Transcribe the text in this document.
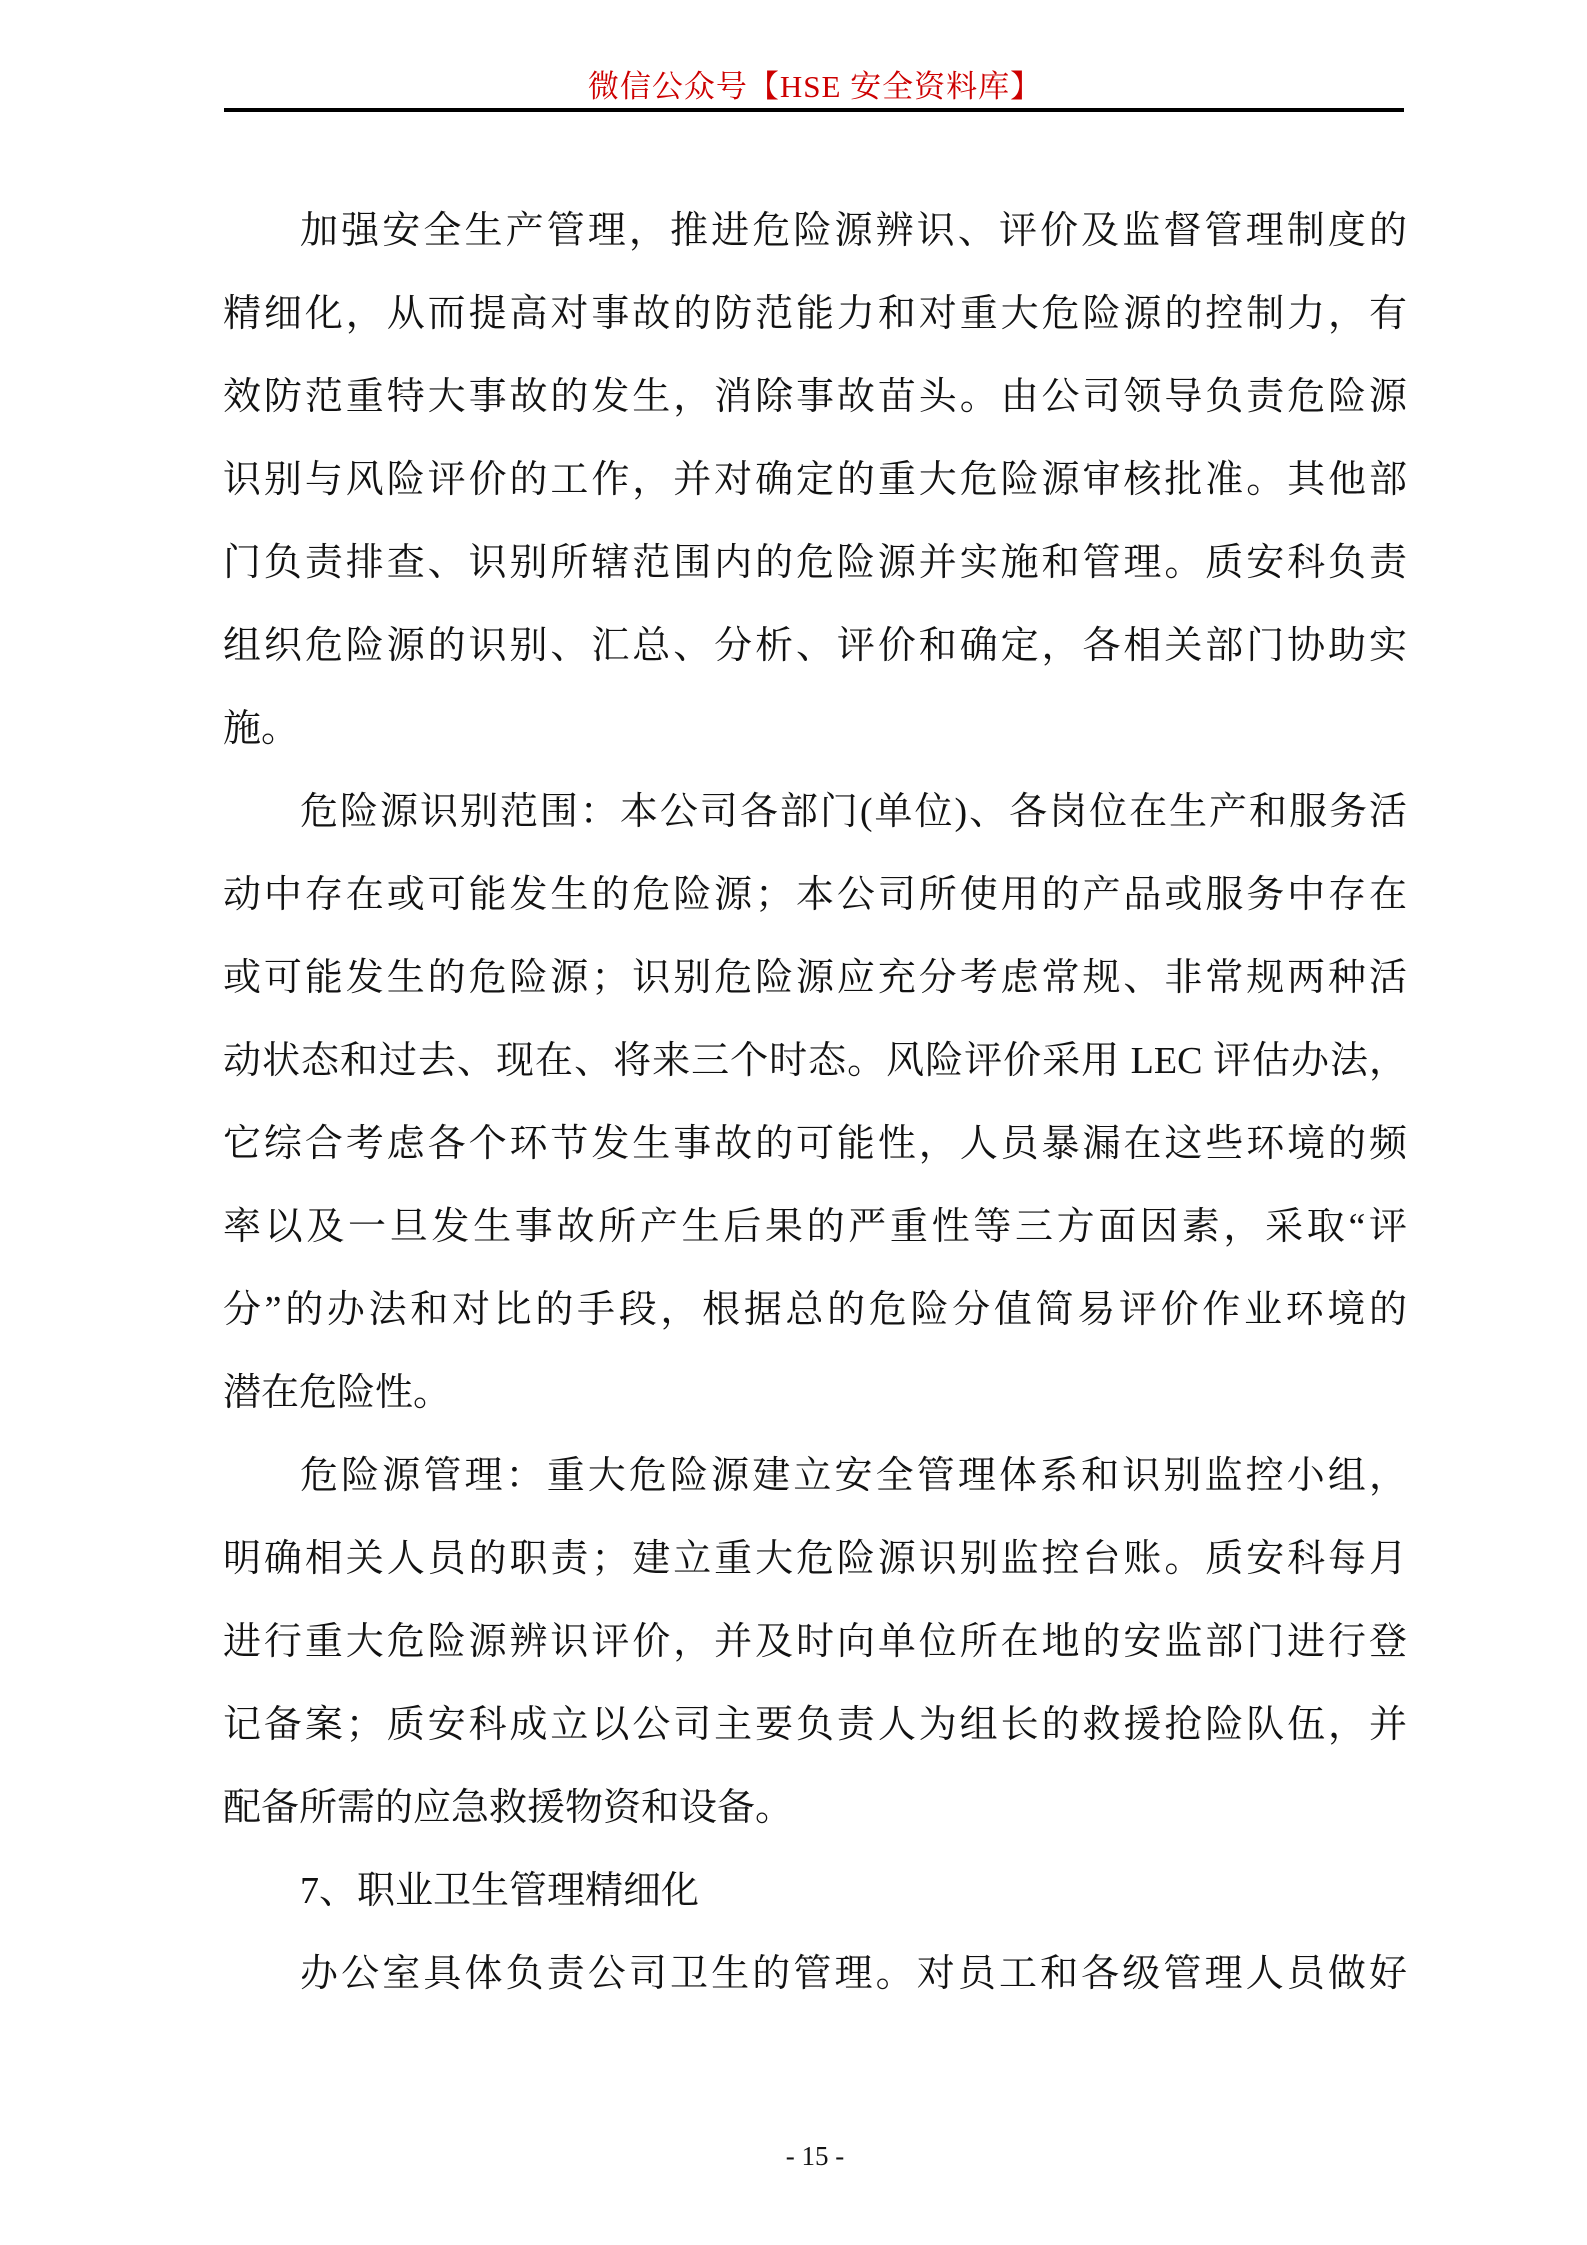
微信公众号【HSE 安全资料库】
加强安全生产管理，推进危险源辨识、评价及监督管理制度的
精细化，从而提高对事故的防范能力和对重大危险源的控制力，有
效防范重特大事故的发生，消除事故苗头。由公司领导负责危险源
识别与风险评价的工作，并对确定的重大危险源审核批准。其他部
门负责排查、识别所辖范围内的危险源并实施和管理。质安科负责
组织危险源的识别、汇总、分析、评价和确定，各相关部门协助实
施。
危险源识别范围：本公司各部门(单位)、各岗位在生产和服务活
动中存在或可能发生的危险源；本公司所使用的产品或服务中存在
或可能发生的危险源；识别危险源应充分考虑常规、非常规两种活
动状态和过去、现在、将来三个时态。风险评价采用 LEC 评估办法，
它综合考虑各个环节发生事故的可能性，人员暴漏在这些环境的频
率以及一旦发生事故所产生后果的严重性等三方面因素，采取“评
分”的办法和对比的手段，根据总的危险分值简易评价作业环境的
潜在危险性。
危险源管理：重大危险源建立安全管理体系和识别监控小组，
明确相关人员的职责；建立重大危险源识别监控台账。质安科每月
进行重大危险源辨识评价，并及时向单位所在地的安监部门进行登
记备案；质安科成立以公司主要负责人为组长的救援抢险队伍，并
配备所需的应急救援物资和设备。
7、职业卫生管理精细化
办公室具体负责公司卫生的管理。对员工和各级管理人员做好
- 15 -
